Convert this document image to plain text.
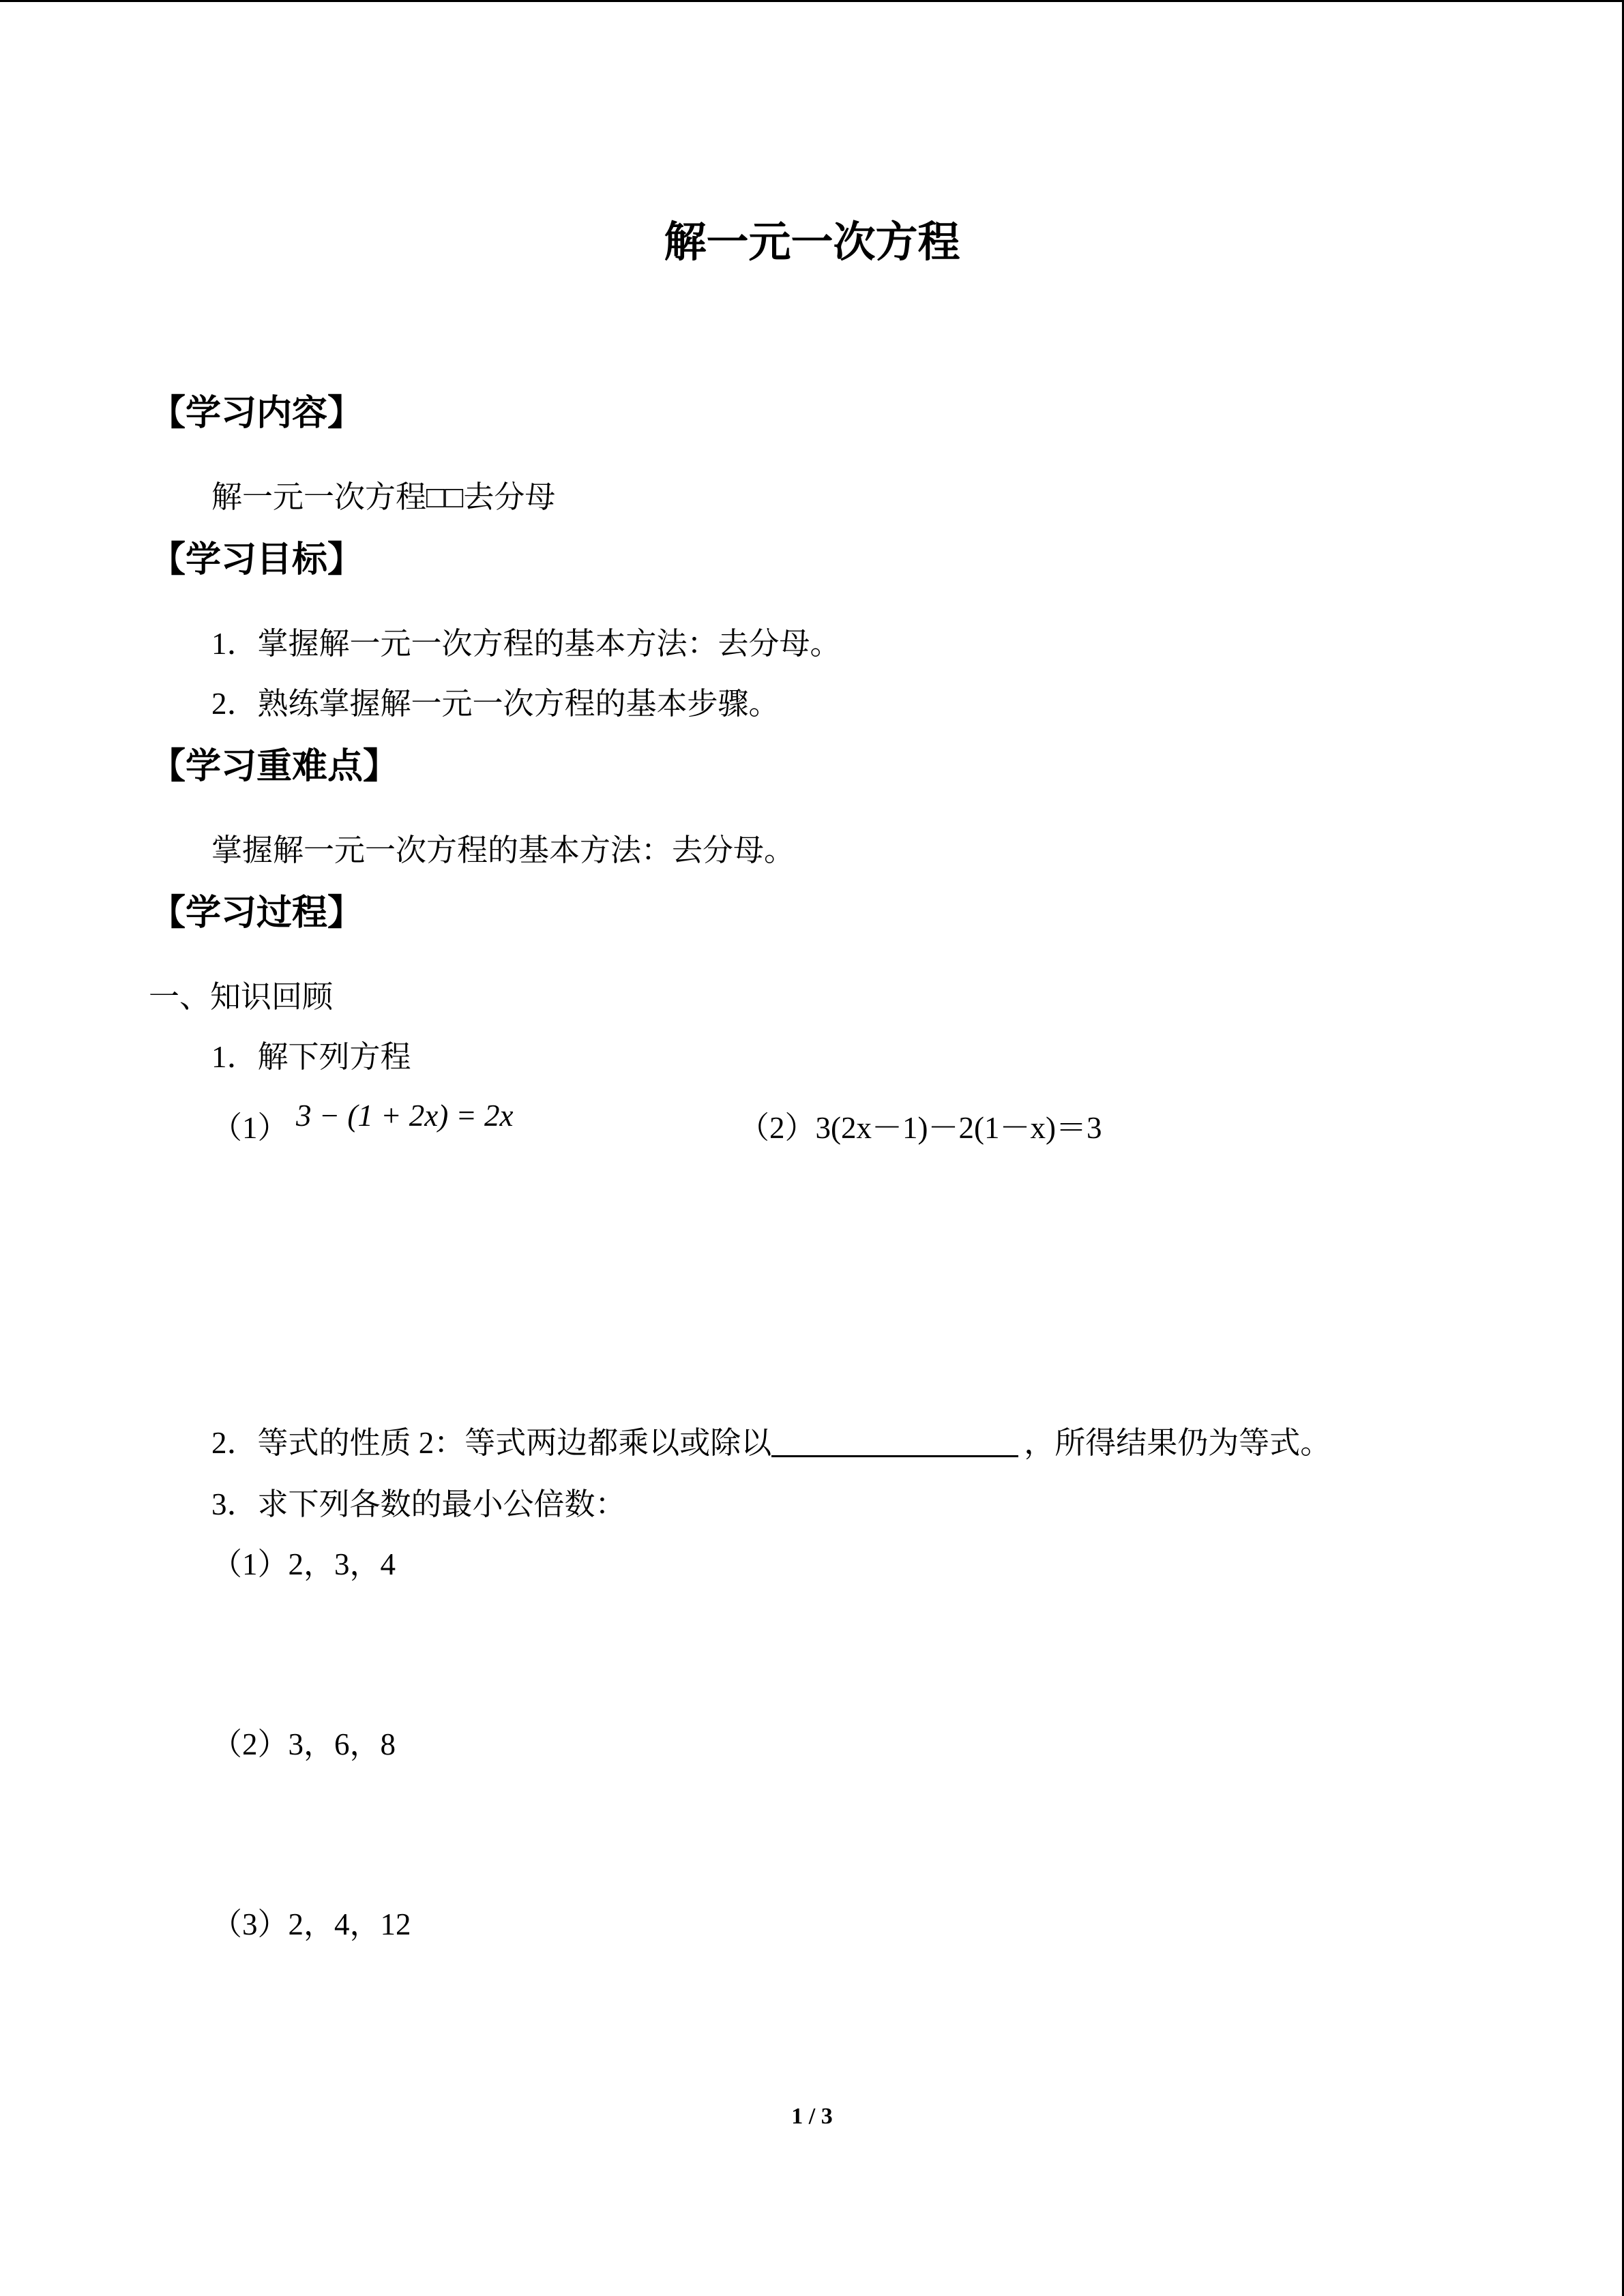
解一元一次方程
【学习内容】
解一元一次方程□□去分母
【学习目标】
1．掌握解一元一次方程的基本方法：去分母。
2．熟练掌握解一元一次方程的基本步骤。
【学习重难点】
掌握解一元一次方程的基本方法：去分母。
【学习过程】
一、知识回顾
1．解下列方程
（1） 3 − (1 + 2x) = 2x	（2）3(2x－1)－2(1－x)＝3
2．等式的性质 2：等式两边都乘以或除以	，所得结果仍为等式。
3．求下列各数的最小公倍数：
（1）2，3，4
（2）3，6，8
（3）2，4，12
1 / 3
